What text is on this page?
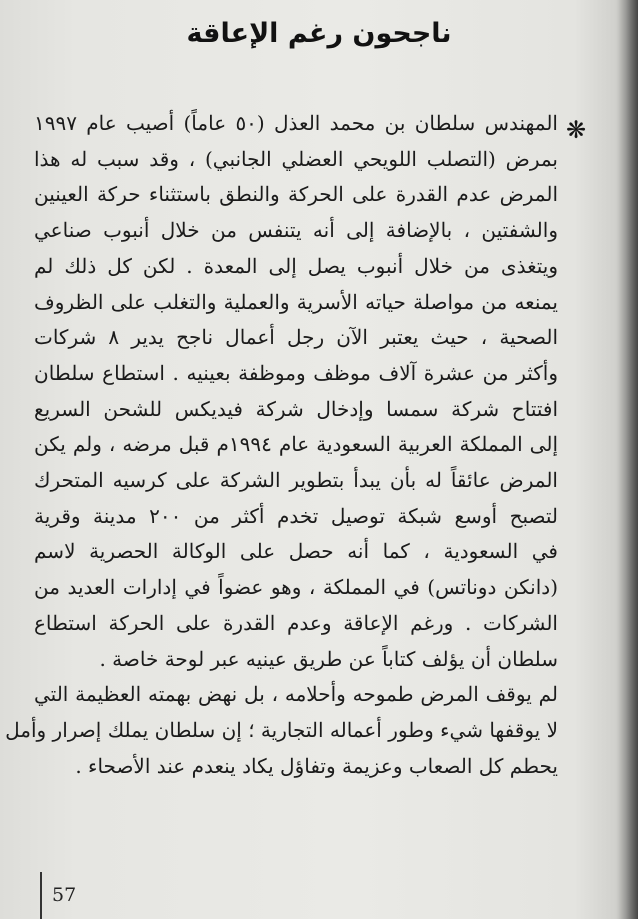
ناجحون رغم الإعاقة
❋
المهندس سلطان بن محمد العذل (٥٠ عاماً) أصيب عام ١٩٩٧
بمرض (التصلب اللويحي العضلي الجانبي) ، وقد سبب له هذا
المرض عدم القدرة على الحركة والنطق باستثناء حركة العينين
والشفتين ، بالإضافة إلى أنه يتنفس من خلال أنبوب صناعي
ويتغذى من خلال أنبوب يصل إلى المعدة . لكن كل ذلك لم
يمنعه من مواصلة حياته الأسرية والعملية والتغلب على الظروف
الصحية ، حيث يعتبر الآن رجل أعمال ناجح يدير ٨ شركات
وأكثر من عشرة آلاف موظف وموظفة بعينيه . استطاع سلطان
افتتاح شركة سمسا وإدخال شركة فيديكس للشحن السريع
إلى المملكة العربية السعودية عام ١٩٩٤م قبل مرضه ، ولم يكن
المرض عائقاً له بأن يبدأ بتطوير الشركة على كرسيه المتحرك
لتصبح أوسع شبكة توصيل تخدم أكثر من ٢٠٠ مدينة وقرية
في السعودية ، كما أنه حصل على الوكالة الحصرية لاسم
(دانكن دوناتس) في المملكة ، وهو عضواً في إدارات العديد من
الشركات . ورغم الإعاقة وعدم القدرة على الحركة استطاع
سلطان أن يؤلف كتاباً عن طريق عينيه عبر لوحة خاصة .
لم يوقف المرض طموحه وأحلامه ، بل نهض بهمته العظيمة التي
لا يوقفها شيء وطور أعماله التجارية ؛ إن سلطان يملك إصرار وأمل
يحطم كل الصعاب وعزيمة وتفاؤل يكاد ينعدم عند الأصحاء .
57
